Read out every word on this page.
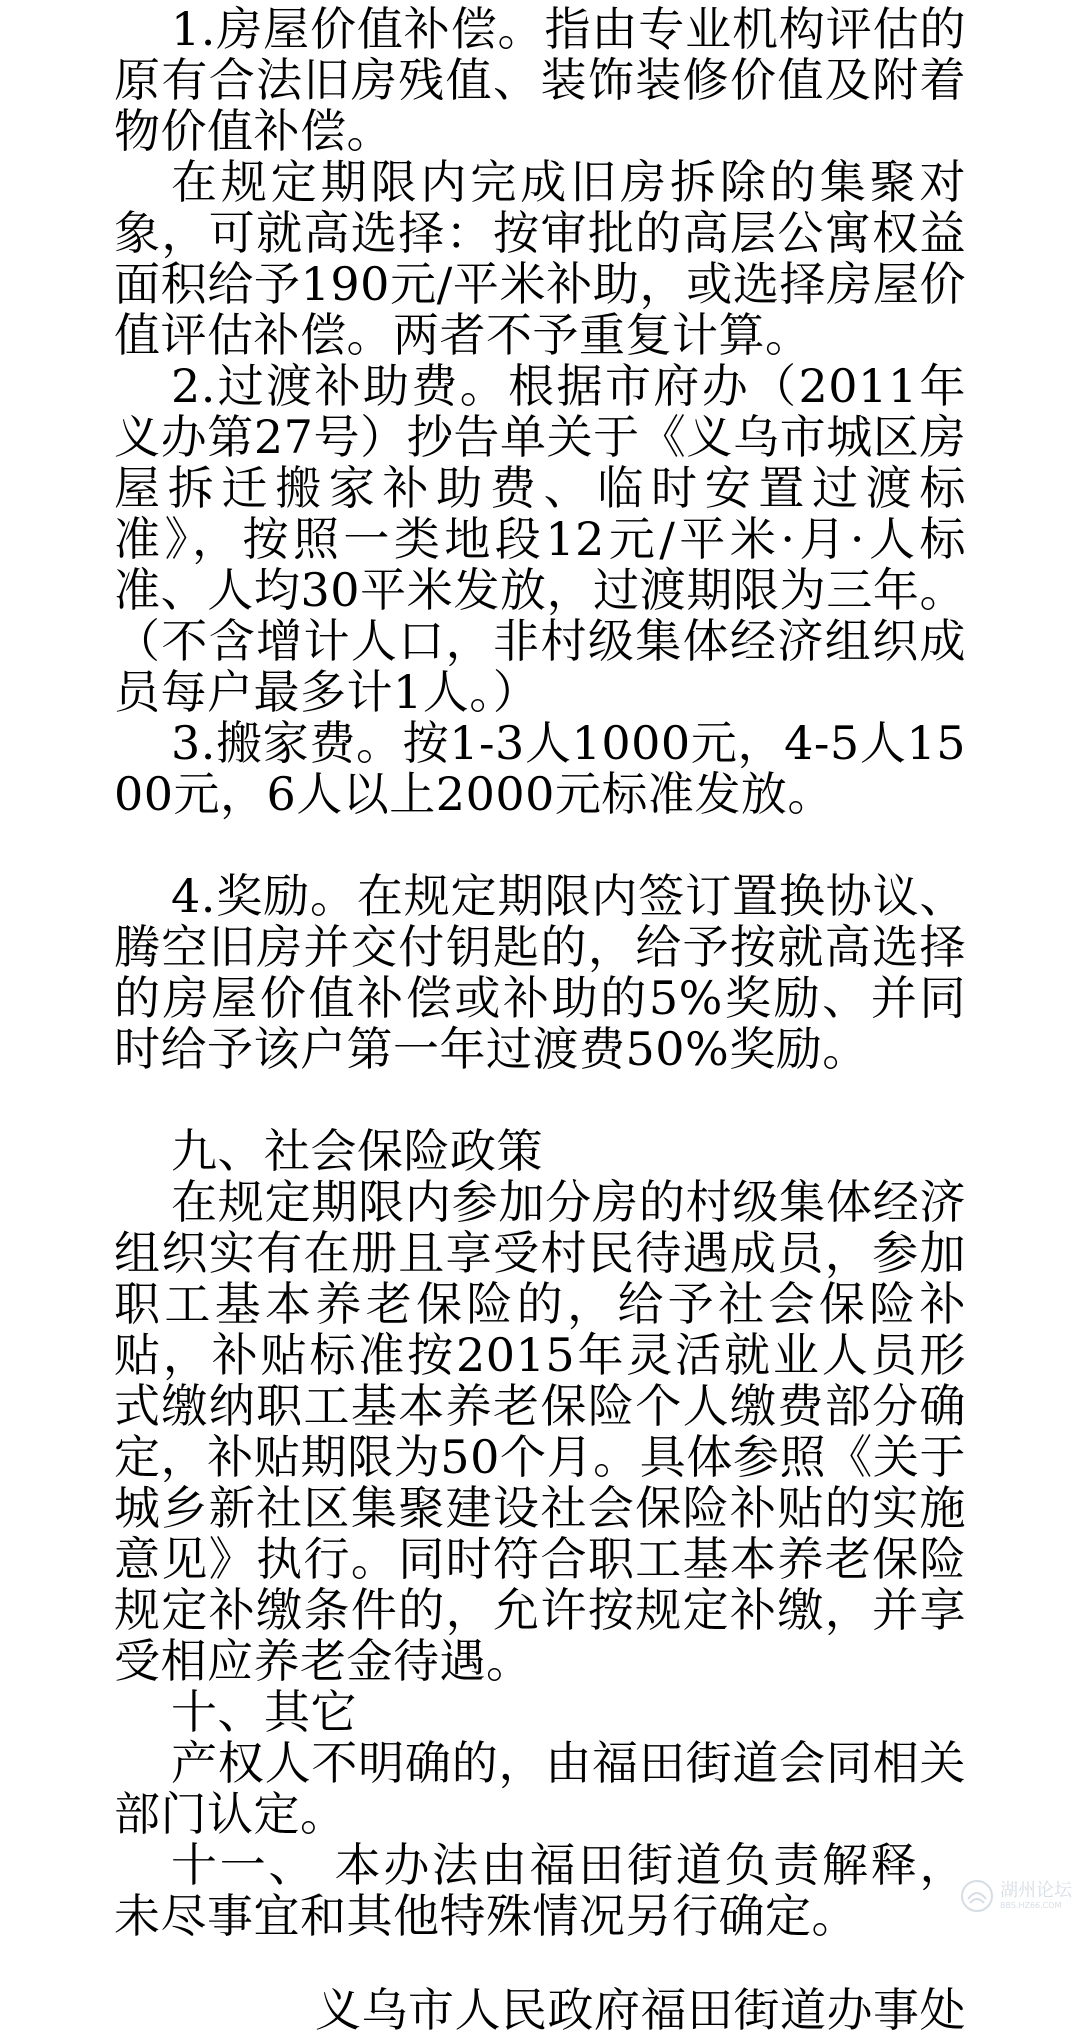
1.房屋价值补偿。指由专业机构评估的原有合法旧房残值、装饰装修价值及附着物价值补偿。

在规定期限内完成旧房拆除的集聚对象，可就高选择：按审批的高层公寓权益面积给予190元/平米补助，或选择房屋价值评估补偿。两者不予重复计算。

2.过渡补助费。根据市府办（2011年义办第27号）抄告单关于《义乌市城区房屋拆迁搬家补助费、临时安置过渡标准》，按照一类地段12元/平米·月·人标准、人均30平米发放，过渡期限为三年。（不含增计人口，非村级集体经济组织成员每户最多计1人。）

3.搬家费。按1-3人1000元，4-5人1500元，6人以上2000元标准发放。

4.奖励。在规定期限内签订置换协议、腾空旧房并交付钥匙的，给予按就高选择的房屋价值补偿或补助的5%奖励、并同时给予该户第一年过渡费50%奖励。

九、社会保险政策

在规定期限内参加分房的村级集体经济组织实有在册且享受村民待遇成员，参加职工基本养老保险的，给予社会保险补贴，补贴标准按2015年灵活就业人员形式缴纳职工基本养老保险个人缴费部分确定，补贴期限为50个月。具体参照《关于城乡新社区集聚建设社会保险补贴的实施意见》执行。同时符合职工基本养老保险规定补缴条件的，允许按规定补缴，并享受相应养老金待遇。

十、其它

产权人不明确的，由福田街道会同相关部门认定。

十一、 本办法由福田街道负责解释，未尽事宜和其他特殊情况另行确定。

义乌市人民政府福田街道办事处

湖州论坛
BBS.HZ66.COM
